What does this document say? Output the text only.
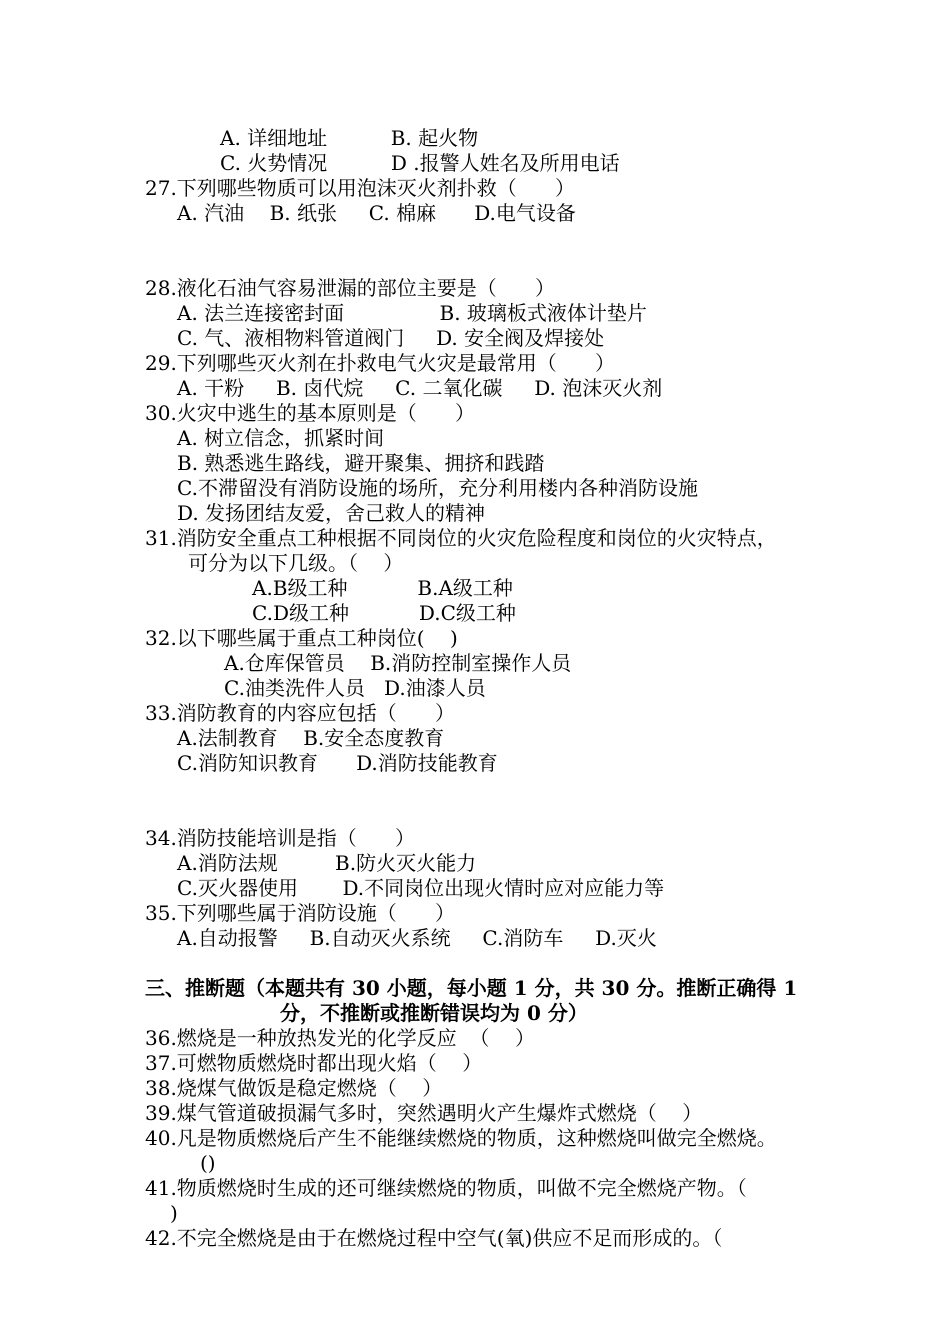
A. 详细地址          B. 起火物
C. 火势情况          D .报警人姓名及所用电话
27.下列哪些物质可以用泡沫灭火剂扑救（      ）
A. 汽油    B. 纸张     C. 棉麻      D.电气设备
28.液化石油气容易泄漏的部位主要是（      ）
A. 法兰连接密封面               B. 玻璃板式液体计垫片
C. 气、液相物料管道阀门     D. 安全阀及焊接处
29.下列哪些灭火剂在扑救电气火灾是最常用（      ）
A. 干粉     B. 卤代烷     C. 二氧化碳     D. 泡沫灭火剂
30.火灾中逃生的基本原则是（      ）
A. 树立信念，抓紧时间
B. 熟悉逃生路线，避开聚集、拥挤和践踏
C.不滞留没有消防设施的场所，充分利用楼内各种消防设施
D. 发扬团结友爱，舍己救人的精神
31.消防安全重点工种根据不同岗位的火灾危险程度和岗位的火灾特点，
可分为以下几级。（    ）
A.B级工种           B.A级工种
C.D级工种           D.C级工种
32.以下哪些属于重点工种岗位(    )
A.仓库保管员    B.消防控制室操作人员
C.油类洗件人员   D.油漆人员
33.消防教育的内容应包括（      ）
A.法制教育    B.安全态度教育
C.消防知识教育      D.消防技能教育
34.消防技能培训是指（      ）
A.消防法规         B.防火灭火能力
C.灭火器使用       D.不同岗位出现火情时应对应能力等
35.下列哪些属于消防设施（      ）
A.自动报警     B.自动灭火系统     C.消防车     D.灭火
三、推断题（本题共有 30 小题，每小题 1 分，共 30 分。推断正确得 1
分，不推断或推断错误均为 0 分）
36.燃烧是一种放热发光的化学反应  （    ）
37.可燃物质燃烧时都出现火焰（    ）
38.烧煤气做饭是稳定燃烧（    ）
39.煤气管道破损漏气多时，突然遇明火产生爆炸式燃烧（    ）
40.凡是物质燃烧后产生不能继续燃烧的物质，这种燃烧叫做完全燃烧。
()
41.物质燃烧时生成的还可继续燃烧的物质，叫做不完全燃烧产物。（
)
42.不完全燃烧是由于在燃烧过程中空气(氧)供应不足而形成的。（
